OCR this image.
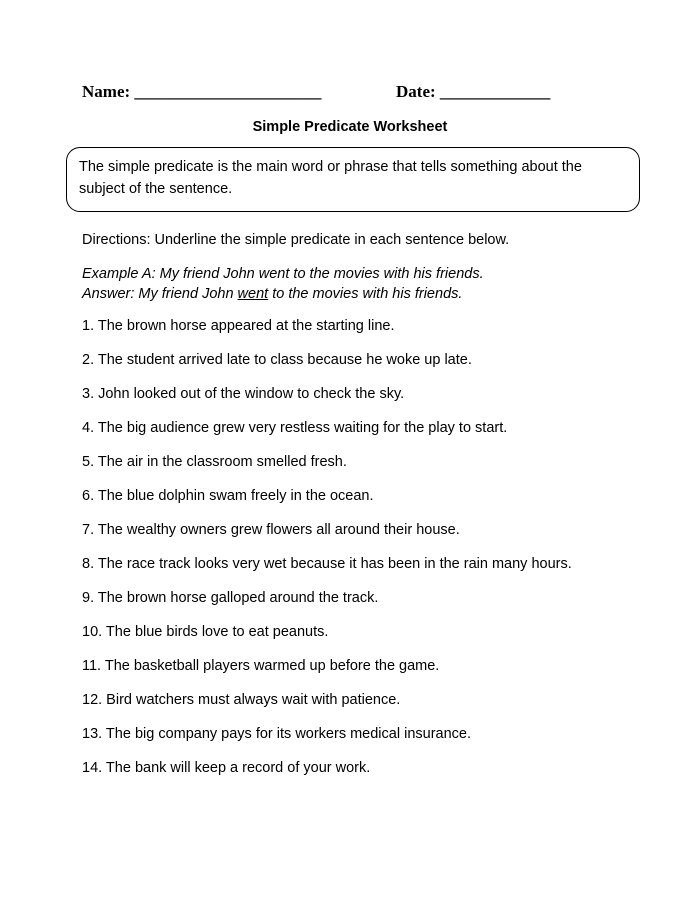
Name: ______________________	Date: _____________
Simple Predicate Worksheet
The simple predicate is the main word or phrase that tells something about the subject of the sentence.
Directions: Underline the simple predicate in each sentence below.
Example A: My friend John went to the movies with his friends.
Answer: My friend John went to the movies with his friends.
1. The brown horse appeared at the starting line.
2. The student arrived late to class because he woke up late.
3. John looked out of the window to check the sky.
4. The big audience grew very restless waiting for the play to start.
5. The air in the classroom smelled fresh.
6. The blue dolphin swam freely in the ocean.
7. The wealthy owners grew flowers all around their house.
8. The race track looks very wet because it has been in the rain many hours.
9. The brown horse galloped around the track.
10. The blue birds love to eat peanuts.
11. The basketball players warmed up before the game.
12. Bird watchers must always wait with patience.
13. The big company pays for its workers medical insurance.
14. The bank will keep a record of your work.
